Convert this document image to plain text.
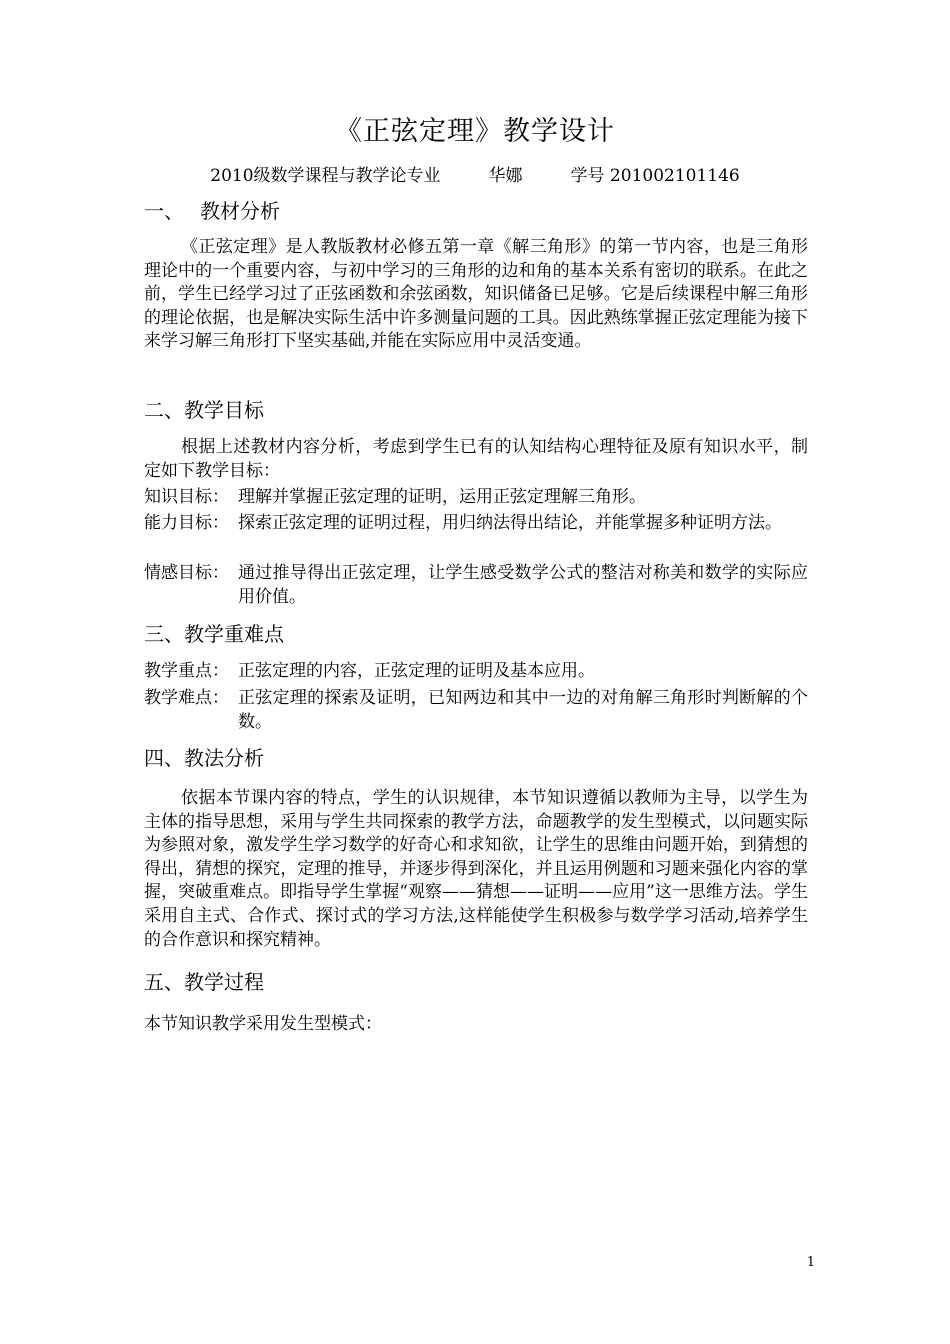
《正弦定理》教学设计
2010级数学课程与教学论专业	华娜	学号 201002101146
一、 教材分析

《正弦定理》是人教版教材必修五第一章《解三角形》的第一节内容，也是三角形理论中的一个重要内容，与初中学习的三角形的边和角的基本关系有密切的联系。在此之前，学生已经学习过了正弦函数和余弦函数，知识储备已足够。它是后续课程中解三角形的理论依据，也是解决实际生活中许多测量问题的工具。因此熟练掌握正弦定理能为接下来学习解三角形打下坚实基础,并能在实际应用中灵活变通。

二、教学目标

根据上述教材内容分析，考虑到学生已有的认知结构心理特征及原有知识水平，制定如下教学目标：

知识目标： 理解并掌握正弦定理的证明，运用正弦定理解三角形。
能力目标： 探索正弦定理的证明过程，用归纳法得出结论，并能掌握多种证明方法。
情感目标： 通过推导得出正弦定理，让学生感受数学公式的整洁对称美和数学的实际应用价值。
三、教学重难点
教学重点： 正弦定理的内容，正弦定理的证明及基本应用。
教学难点： 正弦定理的探索及证明，已知两边和其中一边的对角解三角形时判断解的个数。
四、教法分析

依据本节课内容的特点，学生的认识规律，本节知识遵循以教师为主导，以学生为主体的指导思想，采用与学生共同探索的教学方法，命题教学的发生型模式，以问题实际为参照对象，激发学生学习数学的好奇心和求知欲，让学生的思维由问题开始，到猜想的得出，猜想的探究，定理的推导，并逐步得到深化，并且运用例题和习题来强化内容的掌握，突破重难点。即指导学生掌握“观察——猜想——证明——应用”这一思维方法。学生采用自主式、合作式、探讨式的学习方法,这样能使学生积极参与数学学习活动,培养学生的合作意识和探究精神。

五、教学过程
本节知识教学采用发生型模式：
1
